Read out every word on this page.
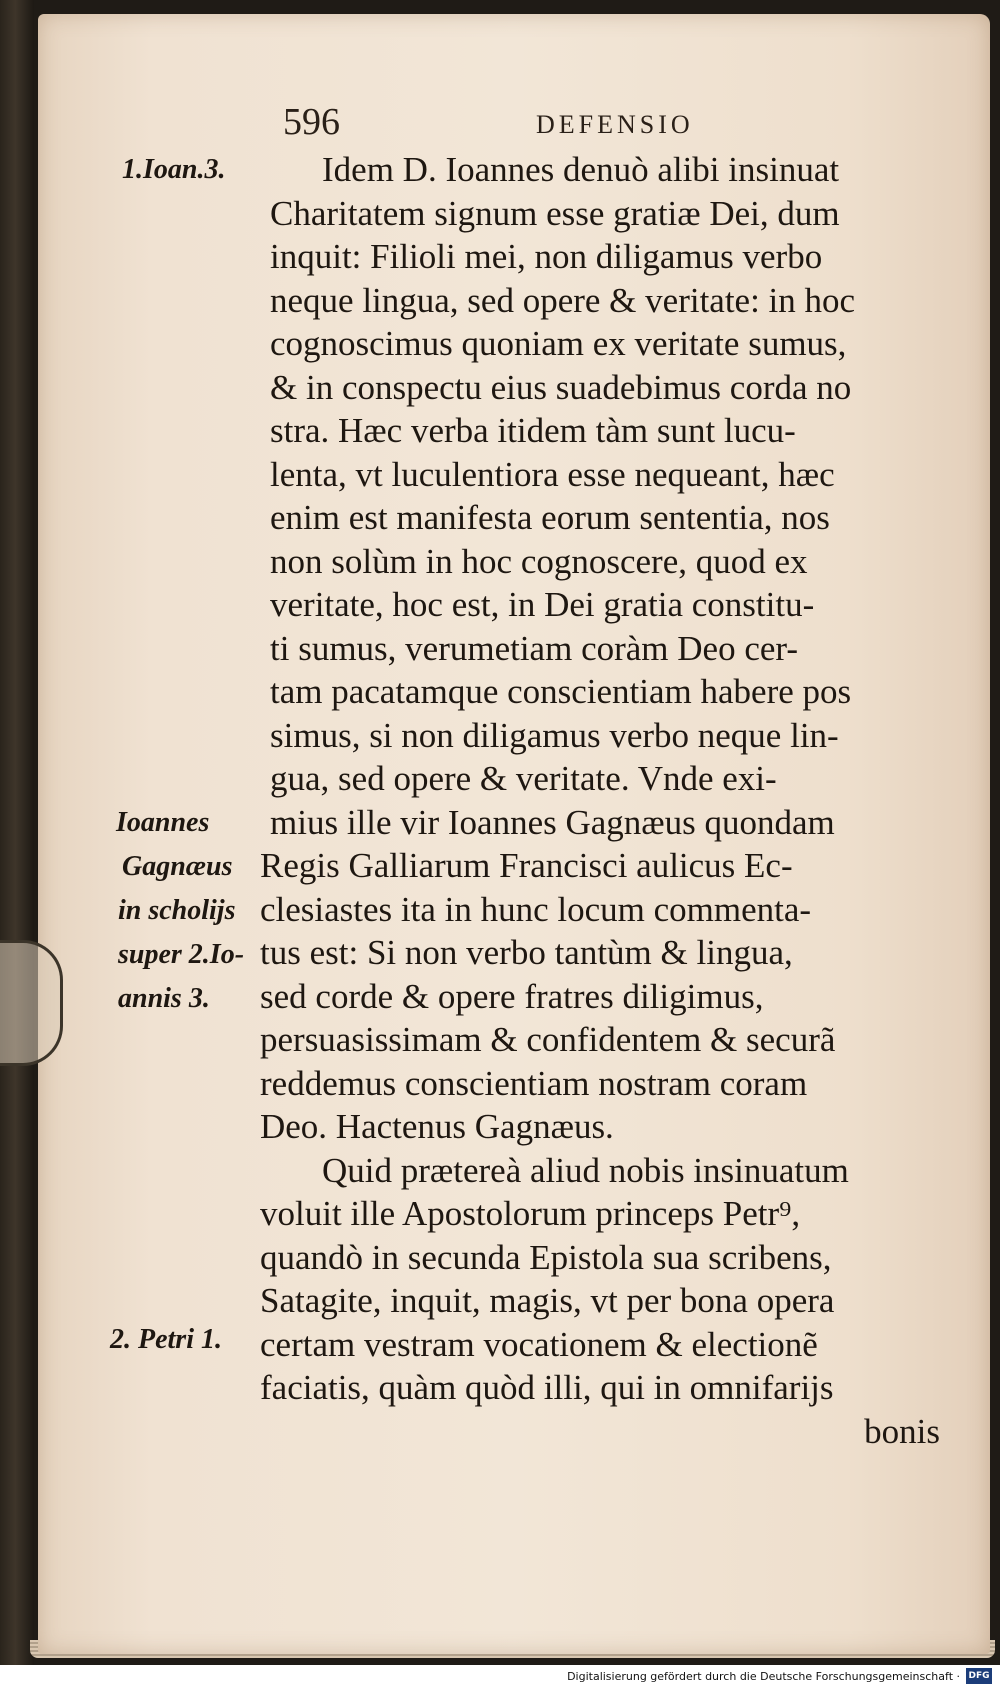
596	DEFENSIO
1.Ioan.3.
Ioannes
Gagnæus
in scholijs
super 2.Io-
annis 3.
2. Petri 1.
Idem D. Ioannes denuò alibi insinuat
Charitatem signum esse gratiæ Dei, dum
inquit: Filioli mei, non diligamus verbo
neque lingua, sed opere & veritate: in hoc
cognoscimus quoniam ex veritate sumus,
& in conspectu eius suadebimus corda no
stra. Hæc verba itidem tàm sunt lucu-
lenta, vt luculentiora esse nequeant, hæc
enim est manifesta eorum sententia, nos
non solùm in hoc cognoscere, quod ex
veritate, hoc est, in Dei gratia constitu-
ti sumus, verumetiam coràm Deo cer-
tam pacatamque conscientiam habere pos
simus, si non diligamus verbo neque lin-
gua, sed opere & veritate. Vnde exi-
mius ille vir Ioannes Gagnæus quondam
Regis Galliarum Francisci aulicus Ec-
clesiastes ita in hunc locum commenta-
tus est: Si non verbo tantùm & lingua,
sed corde & opere fratres diligimus,
persuasissimam & confidentem & securã
reddemus conscientiam nostram coram
Deo. Hactenus Gagnæus.
Quid prætereà aliud nobis insinuatum
voluit ille Apostolorum princeps Petr⁹,
quandò in secunda Epistola sua scribens,
Satagite, inquit, magis, vt per bona opera
certam vestram vocationem & electionẽ
faciatis, quàm quòd illi, qui in omnifarijs
bonis
Digitalisierung gefördert durch die Deutsche Forschungsgemeinschaft · DFG
